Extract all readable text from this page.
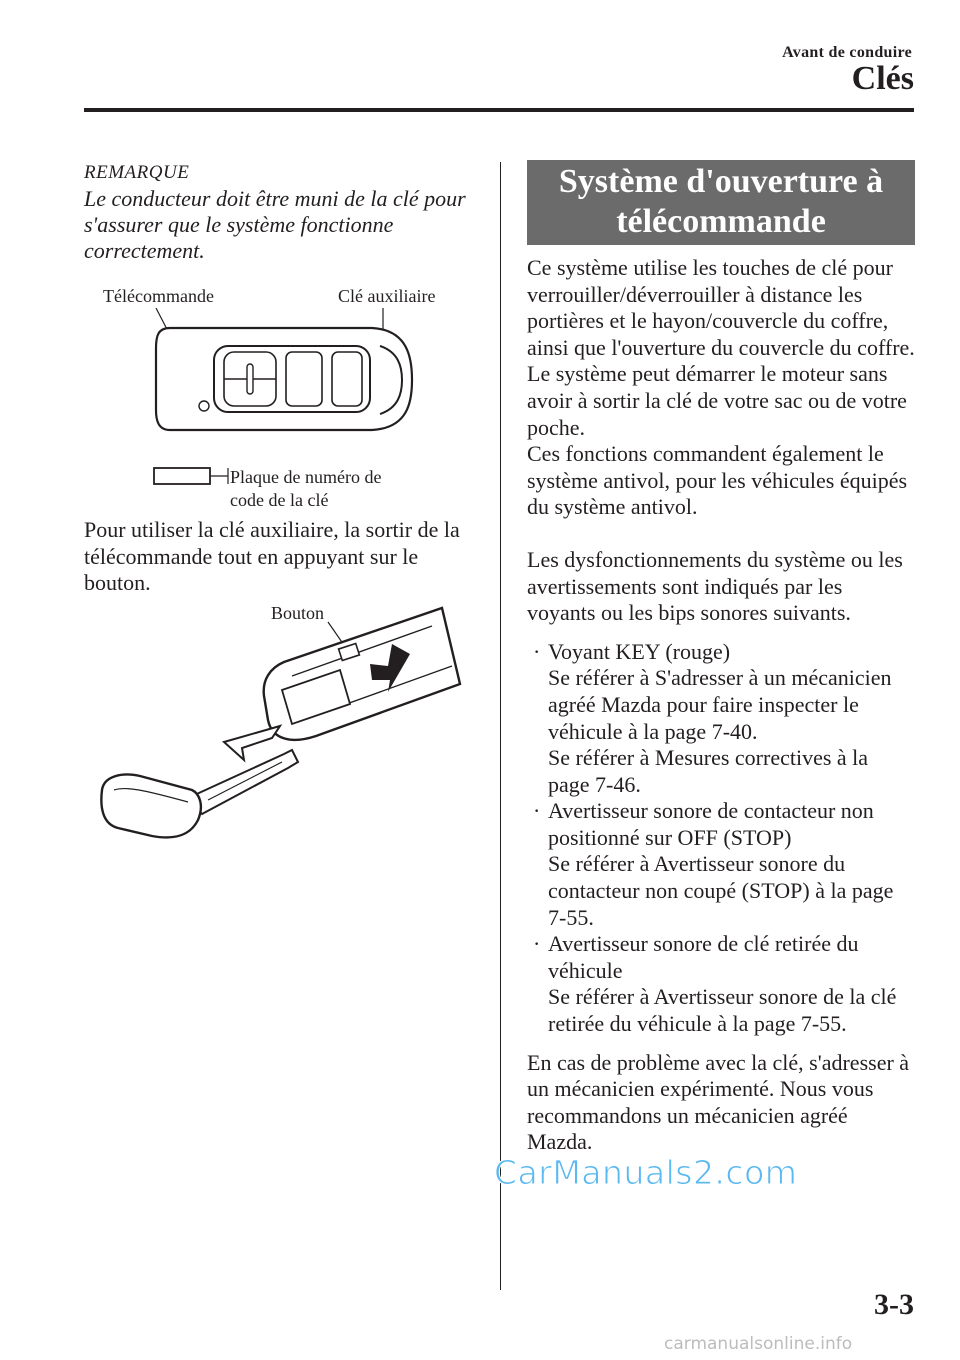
Avant de conduire
Clés
REMARQUE
Le conducteur doit être muni de la clé pour s'assurer que le système fonctionne correctement.
Télécommande	Clé auxiliaire
Plaque de numéro de
code de la clé
Pour utiliser la clé auxiliaire, la sortir de la télécommande tout en appuyant sur le bouton.
Bouton
Système d'ouverture à
télécommande

Ce système utilise les touches de clé pour verrouiller/déverrouiller à distance les portières et le hayon/couvercle du coffre, ainsi que l'ouverture du couvercle du coffre.

Le système peut démarrer le moteur sans avoir à sortir la clé de votre sac ou de votre poche.

Ces fonctions commandent également le système antivol, pour les véhicules équipés du système antivol.

Les dysfonctionnements du système ou les avertissements sont indiqués par les voyants ou les bips sonores suivants.

· Voyant KEY (rouge)
Se référer à S'adresser à un mécanicien agréé Mazda pour faire inspecter le véhicule à la page 7-40.
Se référer à Mesures correctives à la page 7-46.
· Avertisseur sonore de contacteur non positionné sur OFF (STOP)
Se référer à Avertisseur sonore du contacteur non coupé (STOP) à la page 7-55.
· Avertisseur sonore de clé retirée du véhicule
Se référer à Avertisseur sonore de la clé retirée du véhicule à la page 7-55.

En cas de problème avec la clé, s'adresser à un mécanicien expérimenté. Nous vous recommandons un mécanicien agréé Mazda.

3-3
CarManuals2.com
carmanualsonline.info
